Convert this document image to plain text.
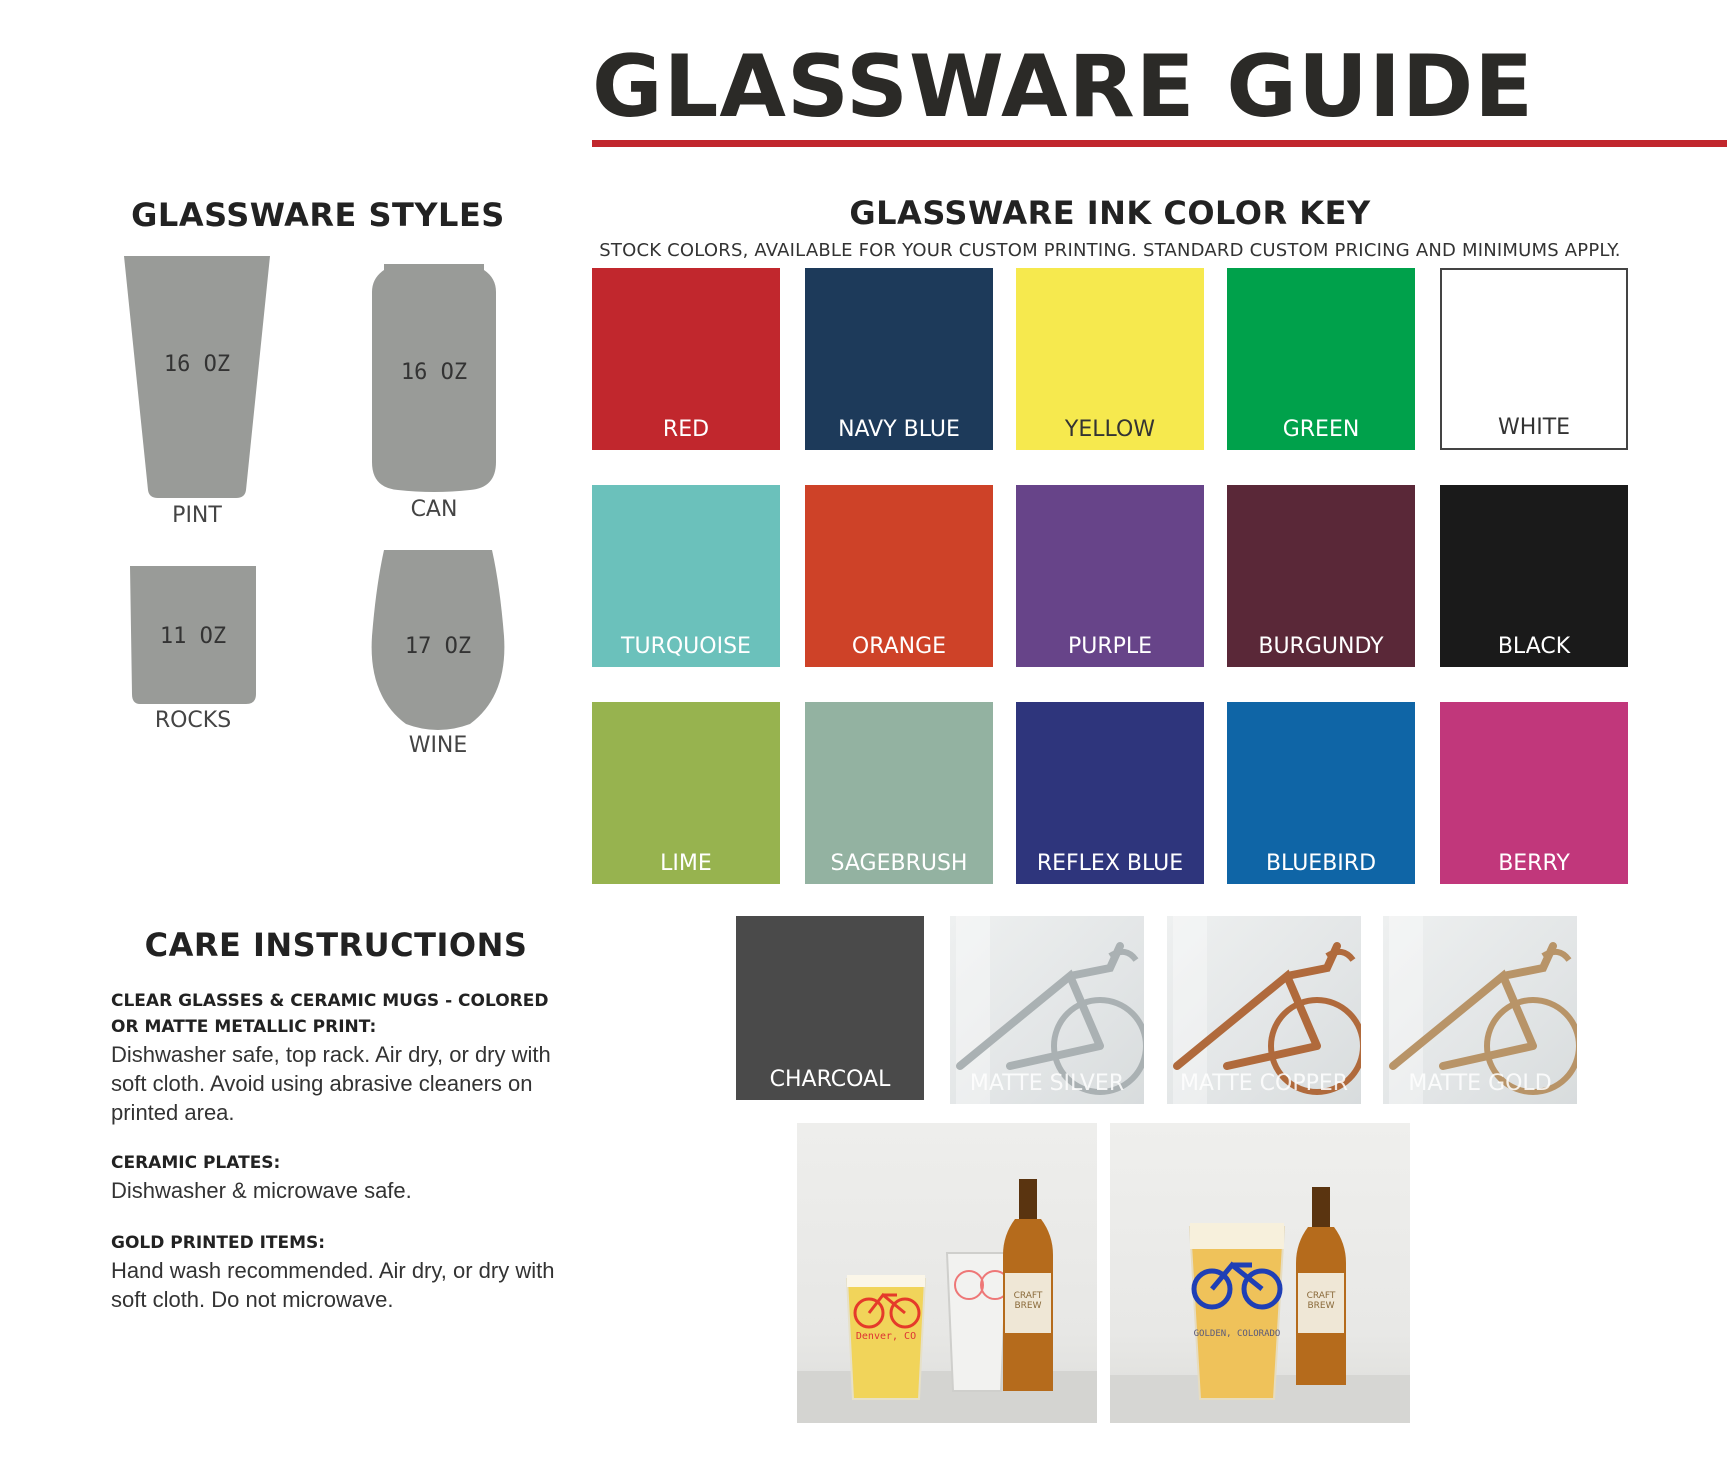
GLASSWARE GUIDE
GLASSWARE STYLES
16 OZ
PINT
16 OZ
CAN
11 OZ
ROCKS
17 OZ
WINE
GLASSWARE INK COLOR KEY
STOCK COLORS, AVAILABLE FOR YOUR CUSTOM PRINTING. STANDARD CUSTOM PRICING AND MINIMUMS APPLY.
RED	NAVY BLUE	YELLOW	GREEN	WHITE
TURQUOISE	ORANGE	PURPLE	BURGUNDY	BLACK
LIME	SAGEBRUSH	REFLEX BLUE	BLUEBIRD	BERRY
CHARCOAL	MATTE SILVER	MATTE COPPER	MATTE GOLD
CARE INSTRUCTIONS
CLEAR GLASSES & CERAMIC MUGS - COLORED OR MATTE METALLIC PRINT:
Dishwasher safe, top rack. Air dry, or dry with soft cloth. Avoid using abrasive cleaners on printed area.
CERAMIC PLATES:
Dishwasher & microwave safe.
GOLD PRINTED ITEMS:
Hand wash recommended. Air dry, or dry with soft cloth. Do not microwave.
Denver, CO
CRAFT BREW
GOLDEN, COLORADO
CRAFT BREW
